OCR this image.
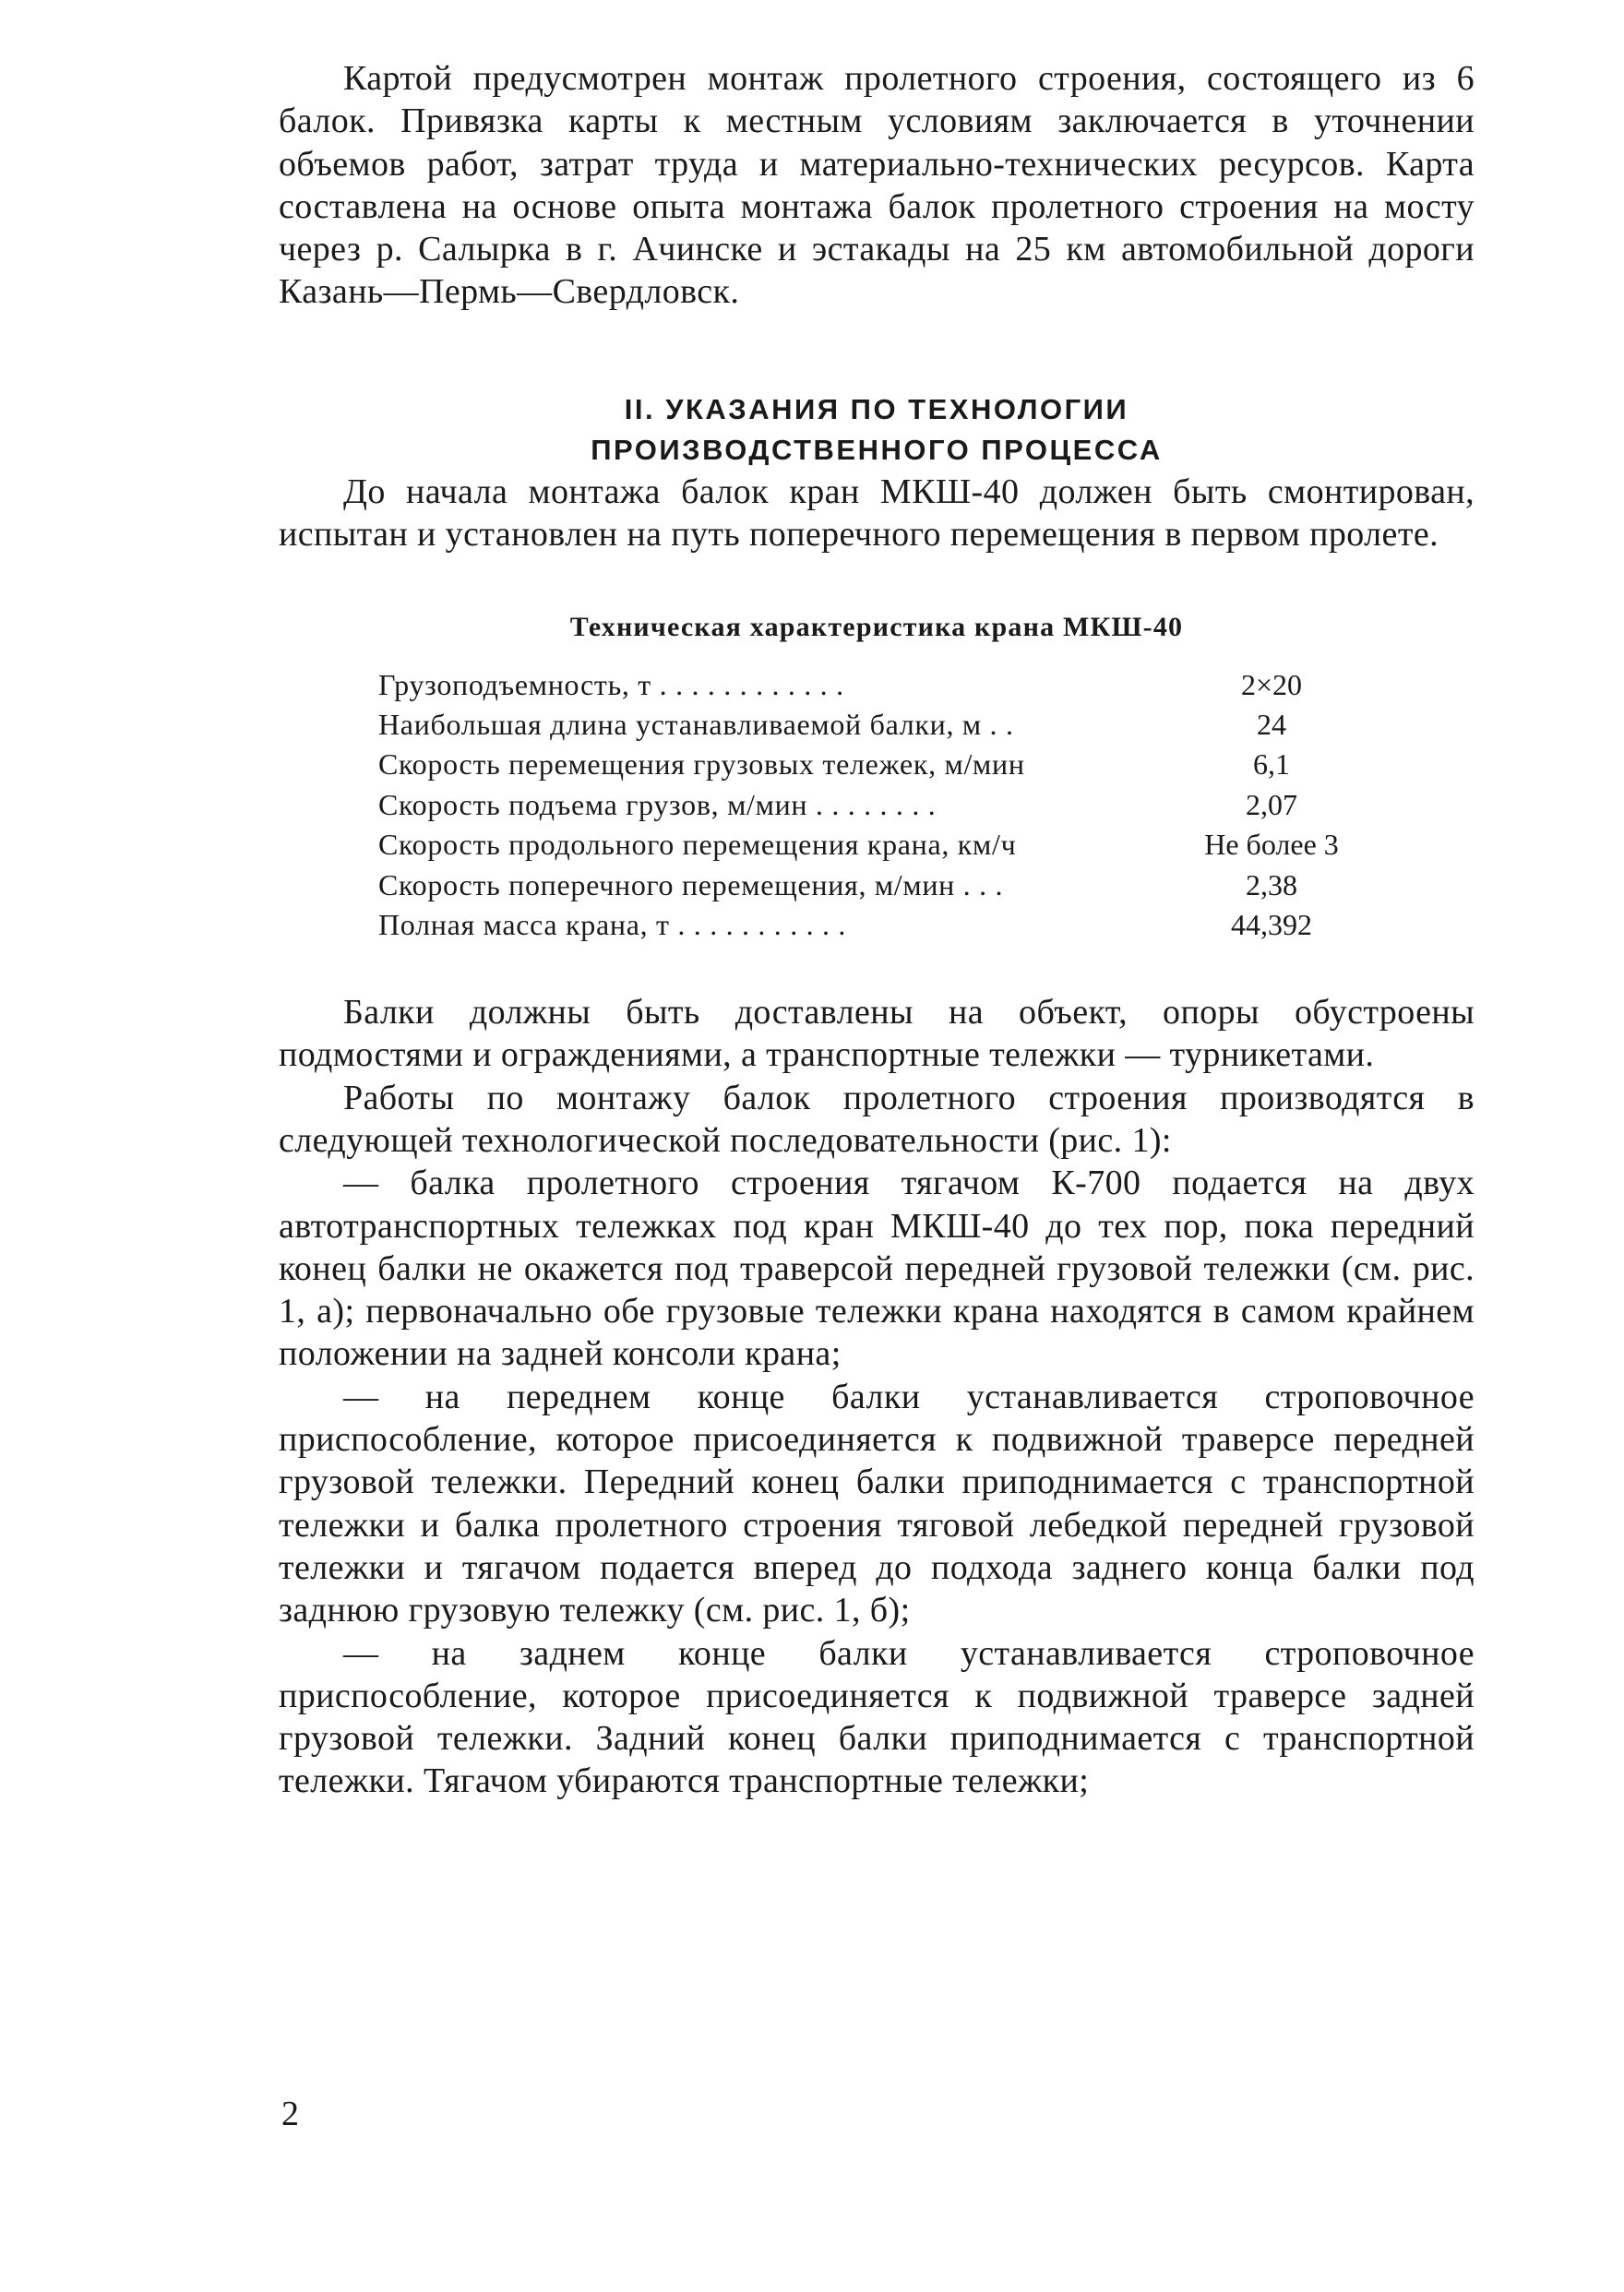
Картой предусмотрен монтаж пролетного строения, состоящего из 6 балок. Привязка карты к местным условиям заключается в уточнении объемов работ, затрат труда и материально-технических ресурсов. Карта составлена на основе опыта монтажа балок пролетного строения на мосту через р. Салырка в г. Ачинске и эстакады на 25 км автомобильной дороги Казань—Пермь—Свердловск.

II. УКАЗАНИЯ ПО ТЕХНОЛОГИИ
ПРОИЗВОДСТВЕННОГО ПРОЦЕССА

До начала монтажа балок кран МКШ-40 должен быть смонтирован, испытан и установлен на путь поперечного перемещения в первом пролете.

Техническая характеристика крана МКШ-40
Грузоподъемность, т . . . . . . . . . . . .	2×20
Наибольшая длина устанавливаемой балки, м . .	24
Скорость перемещения грузовых тележек, м/мин	6,1
Скорость подъема грузов, м/мин . . . . . . . .	2,07
Скорость продольного перемещения крана, км/ч	Не более 3
Скорость поперечного перемещения, м/мин . . .	2,38
Полная масса крана, т . . . . . . . . . . .	44,392

Балки должны быть доставлены на объект, опоры обустроены подмостями и ограждениями, а транспортные тележки — турникетами.

Работы по монтажу балок пролетного строения производятся в следующей технологической последовательности (рис. 1):

— балка пролетного строения тягачом К-700 подается на двух автотранспортных тележках под кран МКШ-40 до тех пор, пока передний конец балки не окажется под траверсой передней грузовой тележки (см. рис. 1, а); первоначально обе грузовые тележки крана находятся в самом крайнем положении на задней консоли крана;

— на переднем конце балки устанавливается строповочное приспособление, которое присоединяется к подвижной траверсе передней грузовой тележки. Передний конец балки приподнимается с транспортной тележки и балка пролетного строения тяговой лебедкой передней грузовой тележки и тягачом подается вперед до подхода заднего конца балки под заднюю грузовую тележку (см. рис. 1, б);

— на заднем конце балки устанавливается строповочное приспособление, которое присоединяется к подвижной траверсе задней грузовой тележки. Задний конец балки приподнимается с транспортной тележки. Тягачом убираются транспортные тележки;

2
